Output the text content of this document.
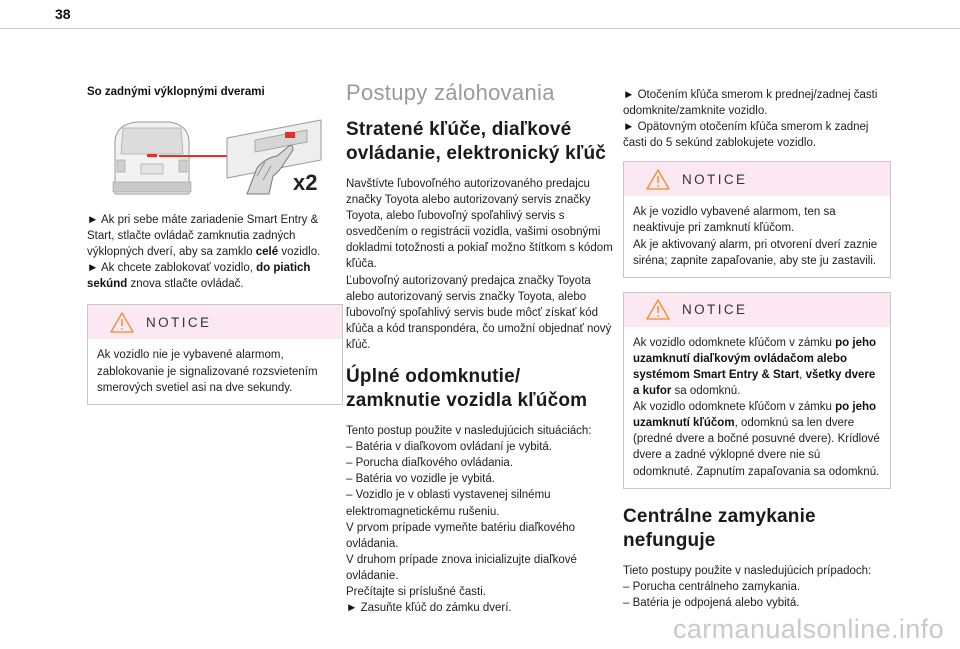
38

So zadnými výklopnými dverami

x2

► Ak pri sebe máte zariadenie Smart Entry & Start, stlačte ovládač zamknutia zadných výklopných dverí, aby sa zamklo celé vozidlo.

► Ak chcete zablokovať vozidlo, do piatich sekúnd znova stlačte ovládač.

NOTICE

Ak vozidlo nie je vybavené alarmom, zablokovanie je signalizované rozsvietením smerových svetiel asi na dve sekundy.

Postupy zálohovania

Stratené kľúče, diaľkové ovládanie, elektronický kľúč

Navštívte ľubovoľného autorizovaného predajcu značky Toyota alebo autorizovaný servis značky Toyota, alebo ľubovoľný spoľahlivý servis s osvedčením o registrácii vozidla, vašimi osobnými dokladmi totožnosti a pokiaľ možno štítkom s kódom kľúča.

Ľubovoľný autorizovaný predajca značky Toyota alebo autorizovaný servis značky Toyota, alebo ľubovoľný spoľahlivý servis bude môcť získať kód kľúča a kód transpondéra, čo umožní objednať nový kľúč.

Úplné odomknutie/ zamknutie vozidla kľúčom

Tento postup použite v nasledujúcich situáciách:

– Batéria v diaľkovom ovládaní je vybitá.

– Porucha diaľkového ovládania.

– Batéria vo vozidle je vybitá.

– Vozidlo je v oblasti vystavenej silnému elektromagnetickému rušeniu.

V prvom prípade vymeňte batériu diaľkového ovládania.

V druhom prípade znova inicializujte diaľkové ovládanie.

Prečítajte si príslušné časti.

► Zasuňte kľúč do zámku dverí.

► Otočením kľúča smerom k prednej/zadnej časti odomknite/zamknite vozidlo.

► Opätovným otočením kľúča smerom k zadnej časti do 5 sekúnd zablokujete vozidlo.

NOTICE

Ak je vozidlo vybavené alarmom, ten sa neaktivuje pri zamknutí kľúčom.

Ak je aktivovaný alarm, pri otvorení dverí zaznie siréna; zapnite zapaľovanie, aby ste ju zastavili.

NOTICE

Ak vozidlo odomknete kľúčom v zámku po jeho uzamknutí diaľkovým ovládačom alebo systémom Smart Entry & Start, všetky dvere a kufor sa odomknú.

Ak vozidlo odomknete kľúčom v zámku po jeho uzamknutí kľúčom, odomknú sa len dvere (predné dvere a bočné posuvné dvere). Krídlové dvere a zadné výklopné dvere nie sú odomknuté. Zapnutím zapaľovania sa odomknú.

Centrálne zamykanie nefunguje

Tieto postupy použite v nasledujúcich prípadoch:

– Porucha centrálneho zamykania.

– Batéria je odpojená alebo vybitá.

carmanualsonline.info
